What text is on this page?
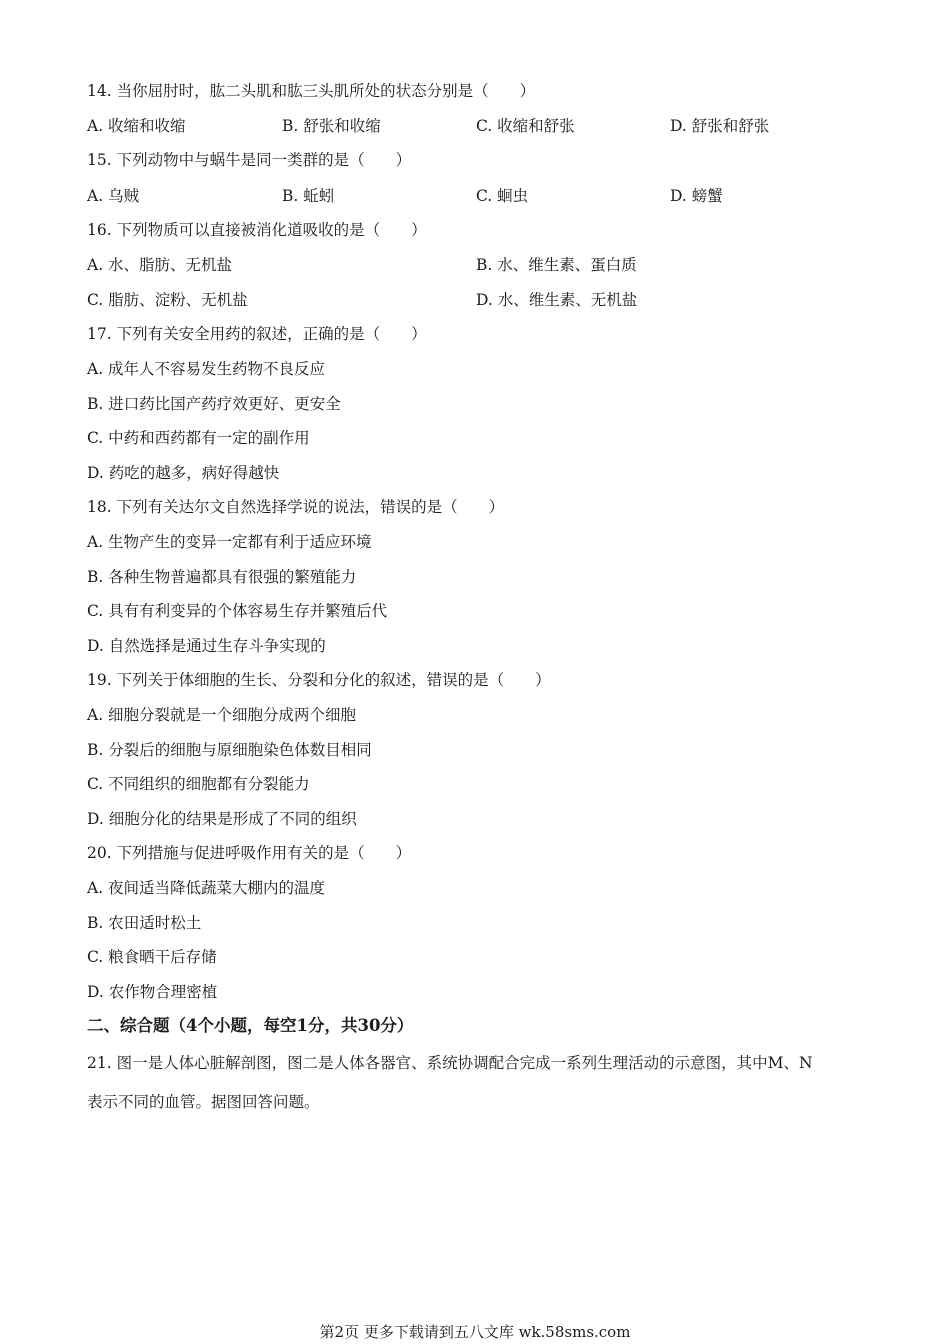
14. 当你屈肘时，肱二头肌和肱三头肌所处的状态分别是（　　）
A. 收缩和收缩	B. 舒张和收缩	C. 收缩和舒张	D. 舒张和舒张
15. 下列动物中与蜗牛是同一类群的是（　　）
A. 乌贼	B. 蚯蚓	C. 蛔虫	D. 螃蟹
16. 下列物质可以直接被消化道吸收的是（　　）
A. 水、脂肪、无机盐	B. 水、维生素、蛋白质
C. 脂肪、淀粉、无机盐	D. 水、维生素、无机盐
17. 下列有关安全用药的叙述，正确的是（　　）
A. 成年人不容易发生药物不良反应
B. 进口药比国产药疗效更好、更安全
C. 中药和西药都有一定的副作用
D. 药吃的越多，病好得越快
18. 下列有关达尔文自然选择学说的说法，错误的是（　　）
A. 生物产生的变异一定都有利于适应环境
B. 各种生物普遍都具有很强的繁殖能力
C. 具有有利变异的个体容易生存并繁殖后代
D. 自然选择是通过生存斗争实现的
19. 下列关于体细胞的生长、分裂和分化的叙述，错误的是（　　）
A. 细胞分裂就是一个细胞分成两个细胞
B. 分裂后的细胞与原细胞染色体数目相同
C. 不同组织的细胞都有分裂能力
D. 细胞分化的结果是形成了不同的组织
20. 下列措施与促进呼吸作用有关的是（　　）
A. 夜间适当降低蔬菜大棚内的温度
B. 农田适时松土
C. 粮食晒干后存储
D. 农作物合理密植
二、综合题（4个小题，每空1分，共30分）
21. 图一是人体心脏解剖图，图二是人体各器官、系统协调配合完成一系列生理活动的示意图，其中M、N
表示不同的血管。据图回答问题。
第2页 更多下载请到五八文库 wk.58sms.com
